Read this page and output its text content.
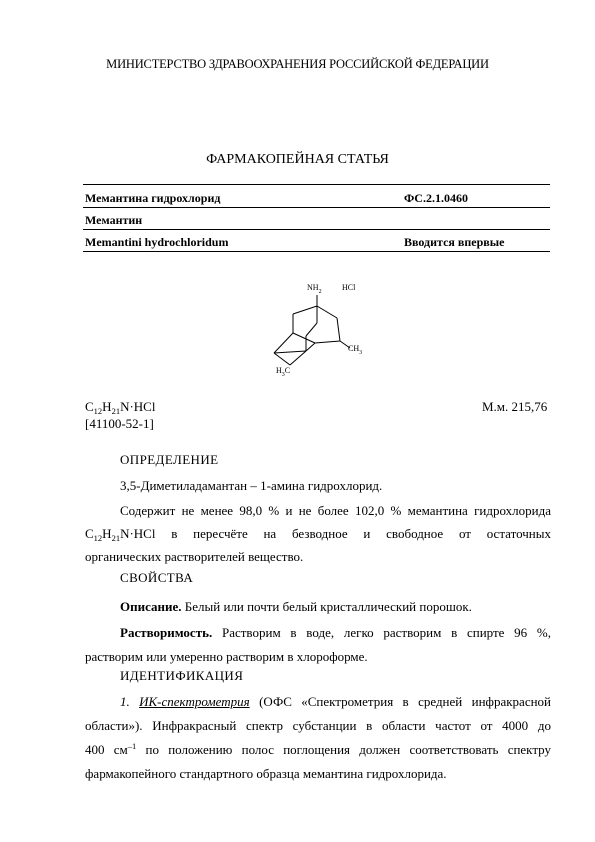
МИНИСТЕРСТВО ЗДРАВООХРАНЕНИЯ РОССИЙСКОЙ ФЕДЕРАЦИИ
ФАРМАКОПЕЙНАЯ СТАТЬЯ
Мемантина гидрохлорид	ФС.2.1.0460
Мемантин
Memantini hydrochloridum	Вводится впервые
$NH_2$	HCl
$CH_3$
$H_3C$
$C_{12}H_{21}N\cdot HCl$	М.м. 215,76
[41100-52-1]
ОПРЕДЕЛЕНИЕ
3,5-Диметиладамантан – 1-амина гидрохлорид.
Содержит не менее 98,0 % и не более 102,0 % мемантина гидрохлорида
$C_{12}H_{21}N\cdot HCl$ в пересчёте на безводное и свободное от остаточных
органических растворителей вещество.
СВОЙСТВА
Описание. Белый или почти белый кристаллический порошок.
Растворимость. Растворим в воде, легко растворим в спирте 96 %,
растворим или умеренно растворим в хлороформе.
ИДЕНТИФИКАЦИЯ
1. ИК-спектрометрия (ОФС «Спектрометрия в средней инфракрасной
области»). Инфракрасный спектр субстанции в области частот от 4000 до
400 $см^{-1}$ по положению полос поглощения должен соответствовать спектру
фармакопейного стандартного образца мемантина гидрохлорида.
